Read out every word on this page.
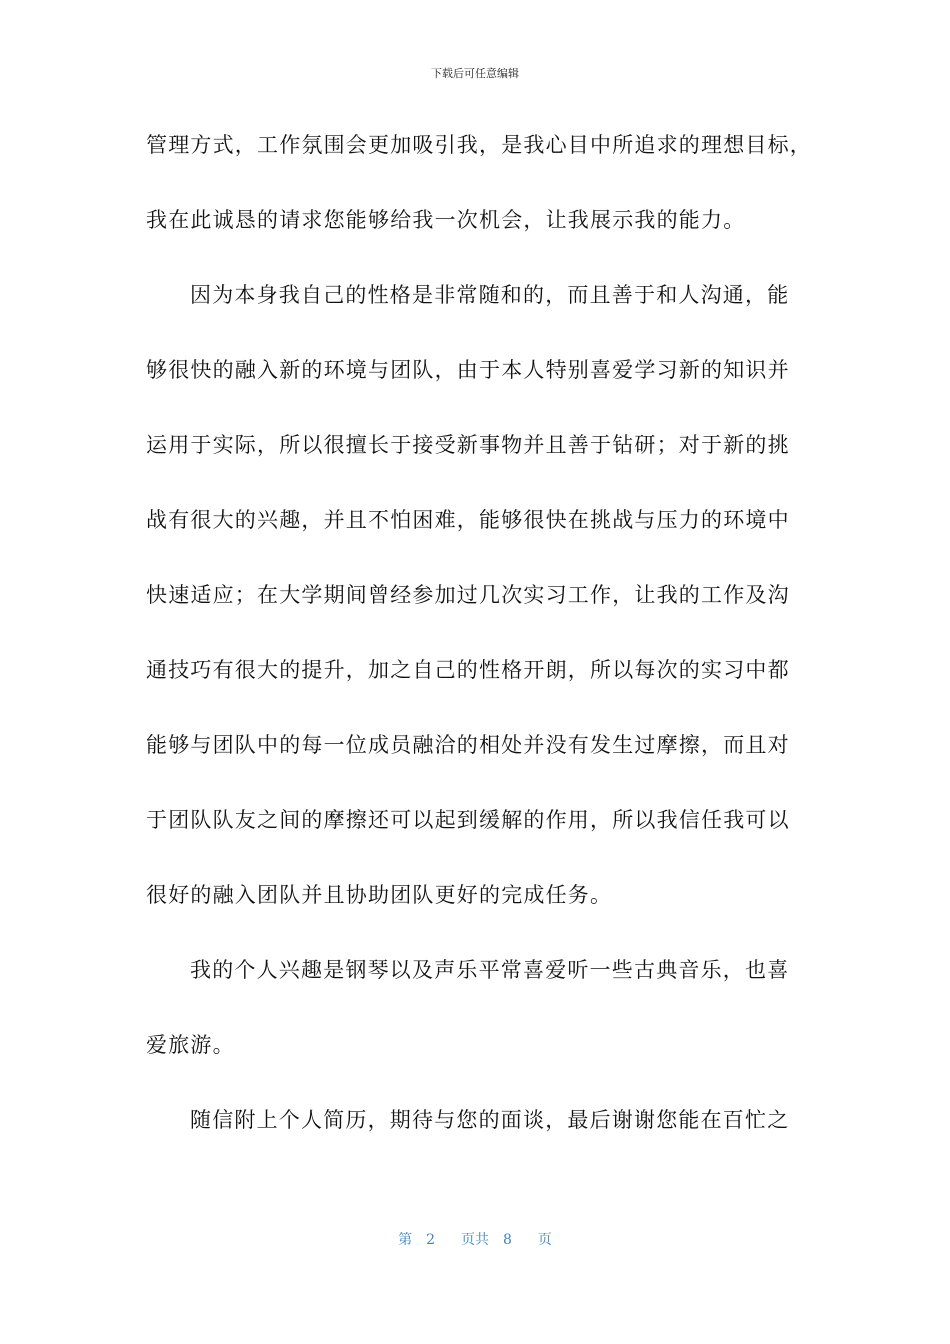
下载后可任意编辑
管理方式，工作氛围会更加吸引我，是我心目中所追求的理想目标，
我在此诚恳的请求您能够给我一次机会，让我展示我的能力。
因为本身我自己的性格是非常随和的，而且善于和人沟通，能
够很快的融入新的环境与团队，由于本人特别喜爱学习新的知识并
运用于实际，所以很擅长于接受新事物并且善于钻研；对于新的挑
战有很大的兴趣，并且不怕困难，能够很快在挑战与压力的环境中
快速适应；在大学期间曾经参加过几次实习工作，让我的工作及沟
通技巧有很大的提升，加之自己的性格开朗，所以每次的实习中都
能够与团队中的每一位成员融洽的相处并没有发生过摩擦，而且对
于团队队友之间的摩擦还可以起到缓解的作用，所以我信任我可以
很好的融入团队并且协助团队更好的完成任务。
我的个人兴趣是钢琴以及声乐平常喜爱听一些古典音乐，也喜
爱旅游。
随信附上个人简历，期待与您的面谈，最后谢谢您能在百忙之
第 2 页共 8 页
